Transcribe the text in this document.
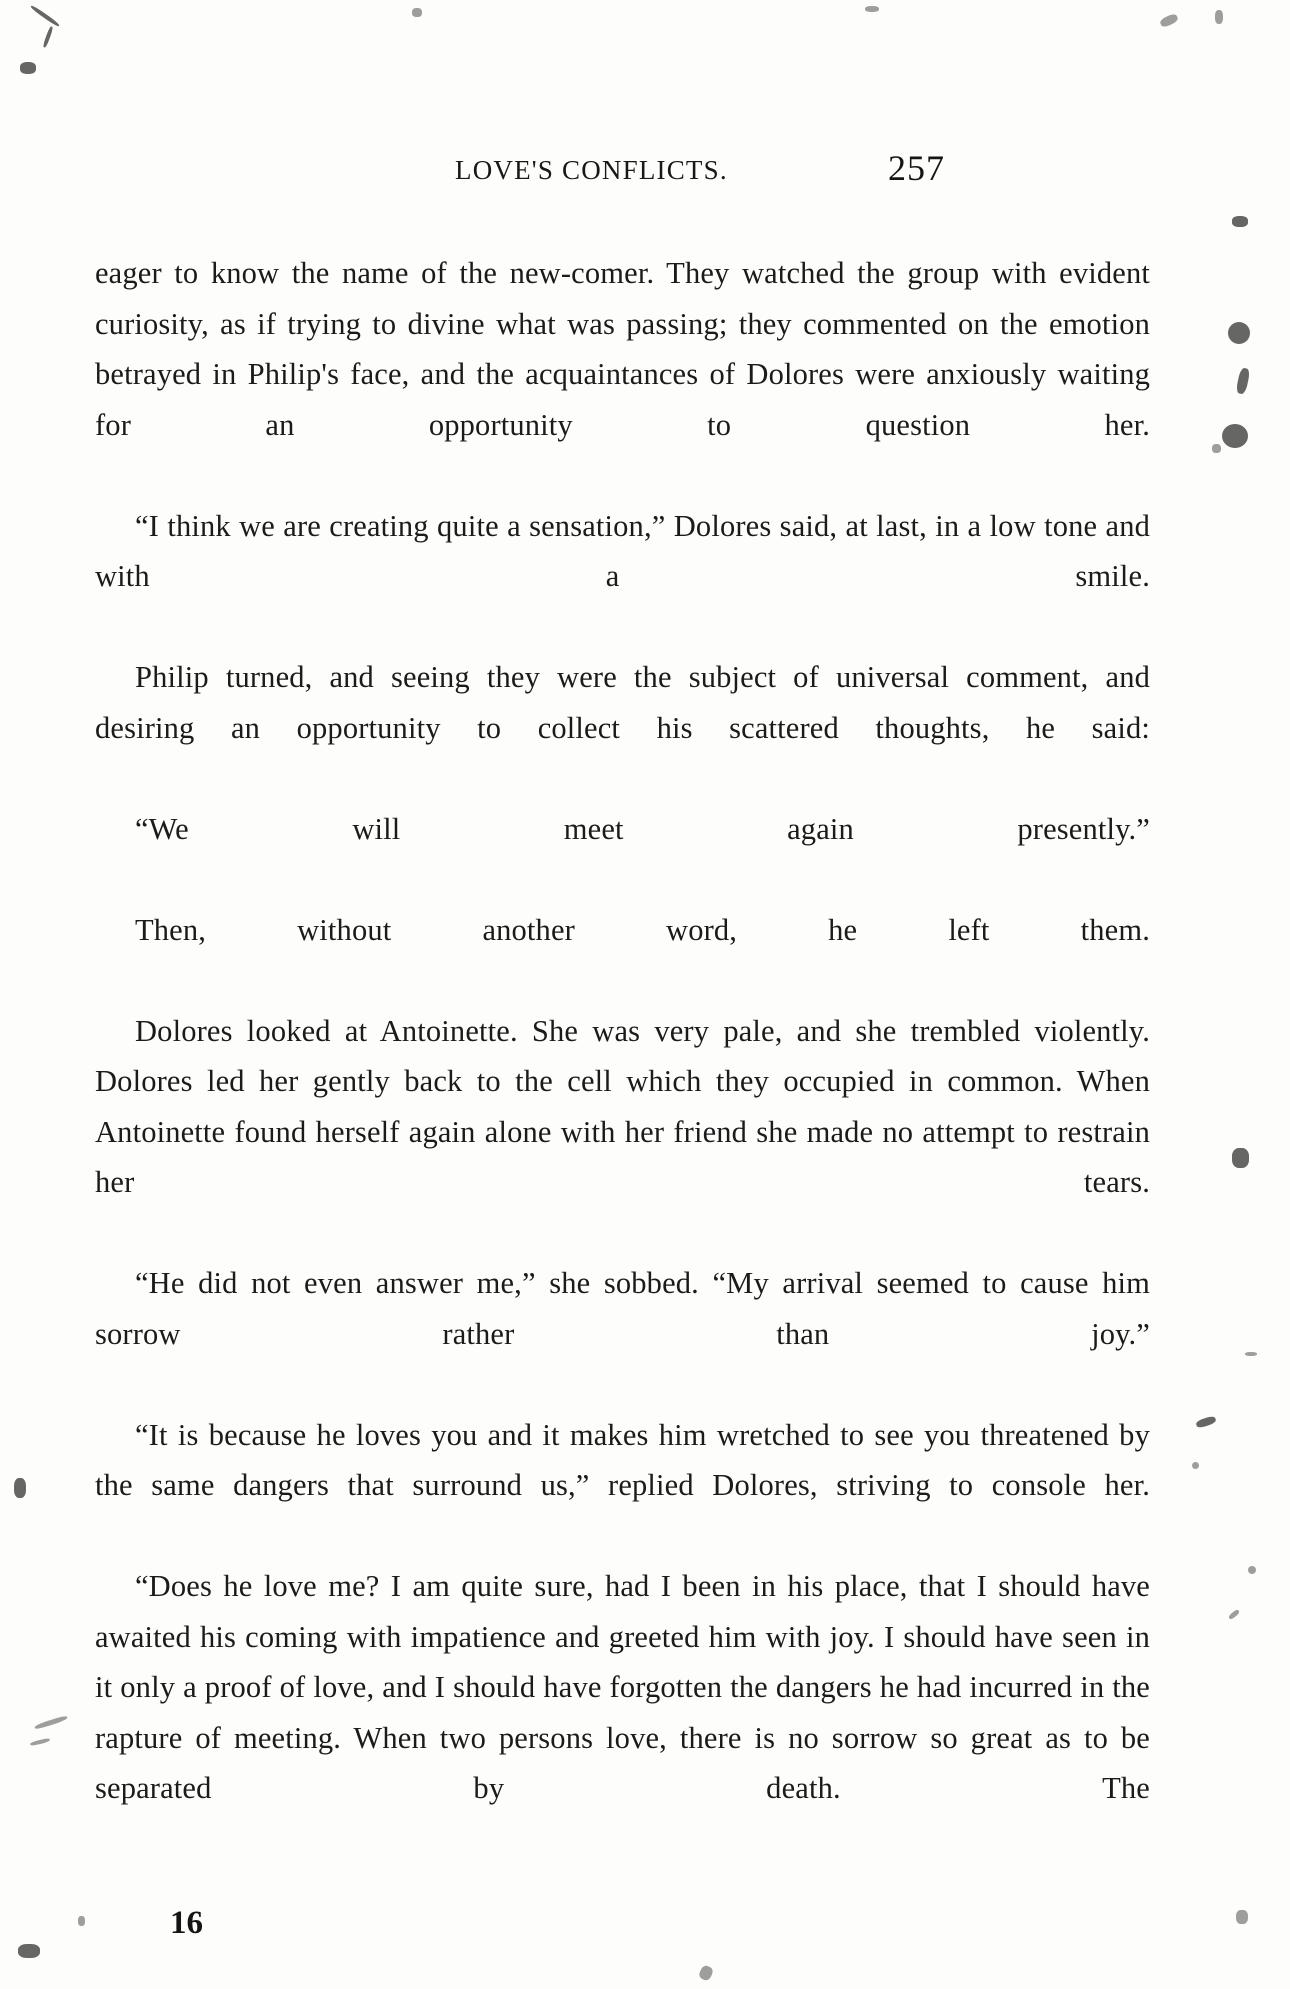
LOVE'S CONFLICTS.	257

eager to know the name of the new-comer. They watched the group with evident curiosity, as if trying to divine what was passing; they commented on the emotion betrayed in Philip's face, and the acquaintances of Dolores were anxiously waiting for an opportunity to question her.

“I think we are creating quite a sensation,” Dolores said, at last, in a low tone and with a smile.

Philip turned, and seeing they were the subject of universal comment, and desiring an opportunity to collect his scattered thoughts, he said:

“We will meet again presently.”

Then, without another word, he left them.

Dolores looked at Antoinette. She was very pale, and she trembled violently. Dolores led her gently back to the cell which they occupied in common. When Antoinette found herself again alone with her friend she made no attempt to restrain her tears.

“He did not even answer me,” she sobbed. “My arrival seemed to cause him sorrow rather than joy.”

“It is because he loves you and it makes him wretched to see you threatened by the same dangers that surround us,” replied Dolores, striving to console her.

“Does he love me? I am quite sure, had I been in his place, that I should have awaited his coming with impatience and greeted him with joy. I should have seen in it only a proof of love, and I should have forgotten the dangers he had incurred in the rapture of meeting. When two persons love, there is no sorrow so great as to be separated by death. The

16
